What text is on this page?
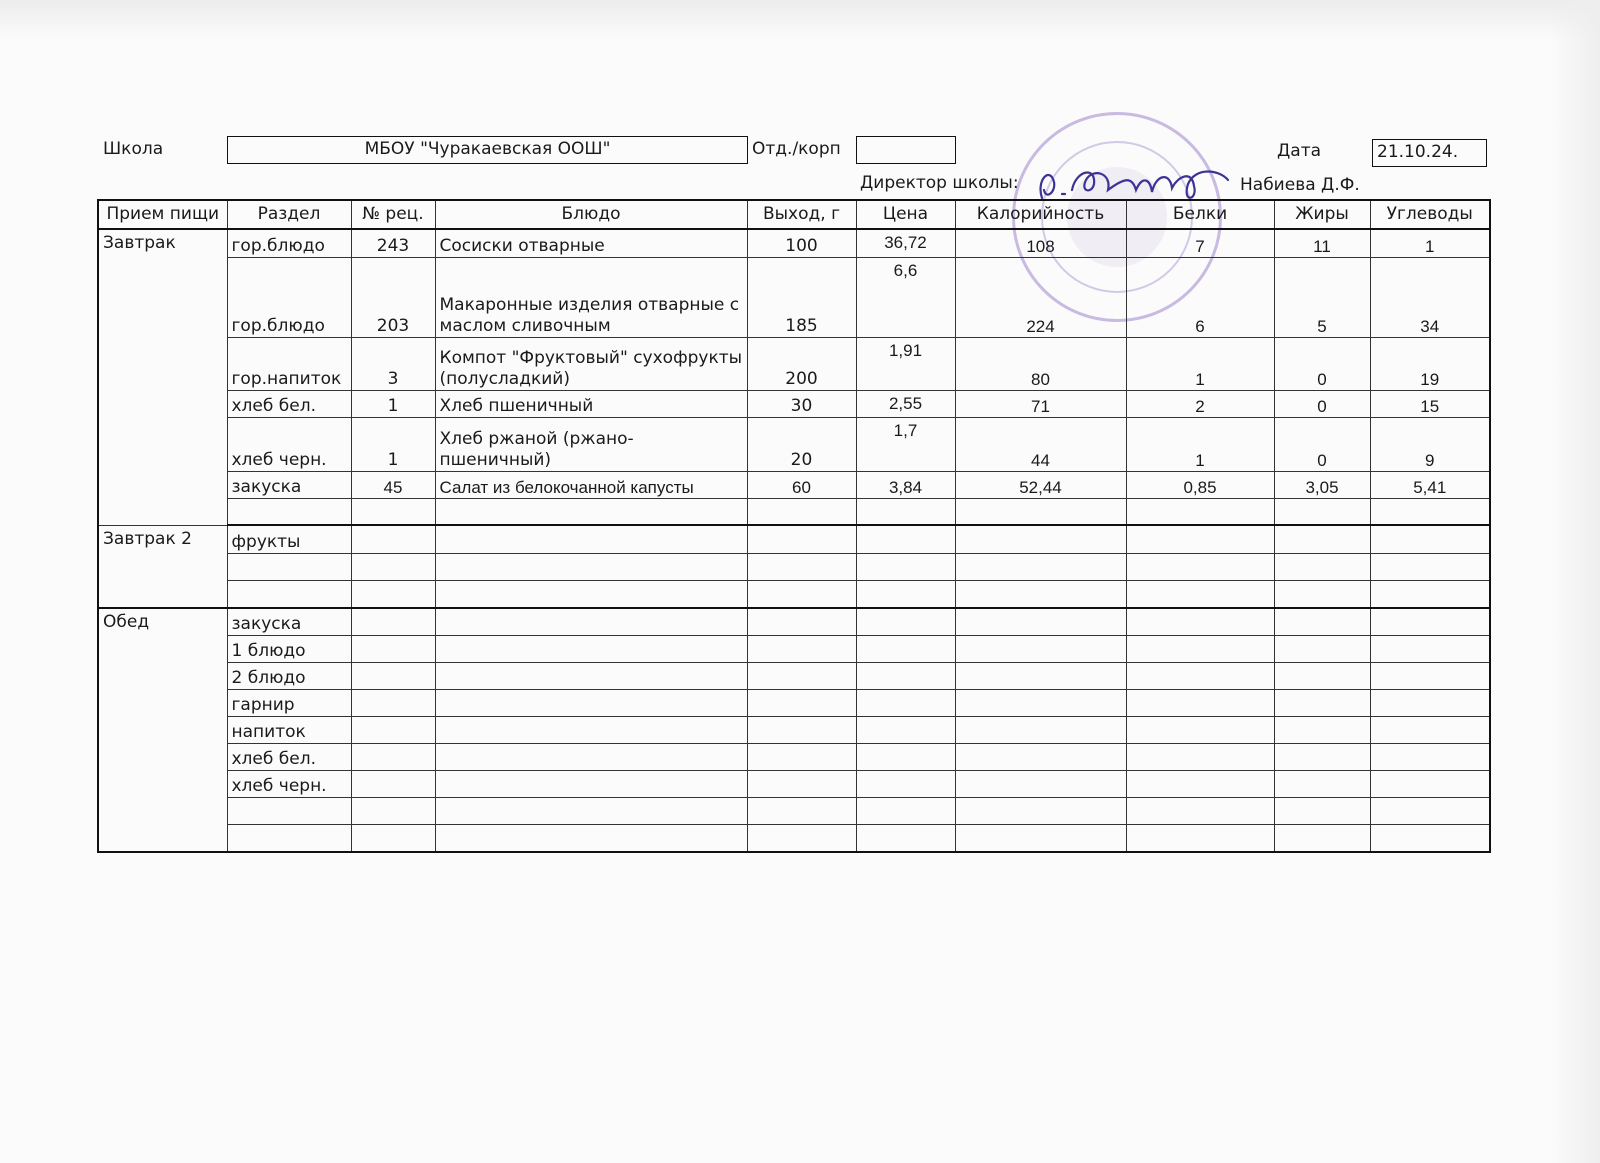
Школа	МБОУ "Чуракаевская ООШ"	Отд./корп	Дата	21.10.24.
Директор школы:	Набиева Д.Ф.
Прием пищи	Раздел	№ рец.	Блюдо	Выход, г	Цена	Калорийность	Белки	Жиры	Углеводы
Завтрак	гор.блюдо	243	Сосиски отварные	100	36,72	108	7	11	1
	гор.блюдо	203	Макаронные изделия отварные с маслом сливочным	185	6,6	224	6	5	34
	гор.напиток	3	Компот "Фруктовый" сухофрукты (полусладкий)	200	1,91	80	1	0	19
	хлеб бел.	1	Хлеб пшеничный	30	2,55	71	2	0	15
	хлеб черн.	1	Хлеб ржаной (ржано-пшеничный)	20	1,7	44	1	0	9
	закуска	45	Салат из белокочанной капусты	60	3,84	52,44	0,85	3,05	5,41

Завтрак 2	фрукты								

Обед	закуска								
	1 блюдо								
	2 блюдо								
	гарнир								
	напиток								
	хлеб бел.								
	хлеб черн.								
